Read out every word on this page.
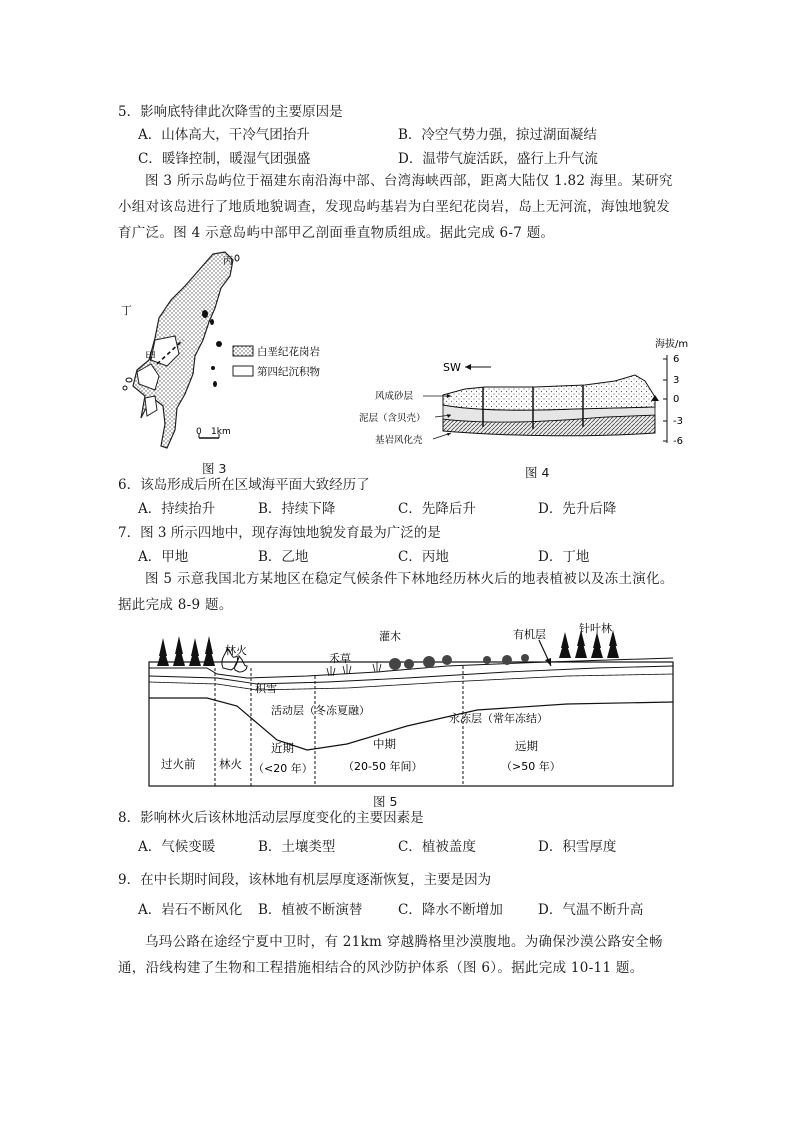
5．影响底特律此次降雪的主要原因是
A．山体高大，干冷气团抬升	B．冷空气势力强，掠过湖面凝结
C．暖锋控制，暖湿气团强盛	D．温带气旋活跃，盛行上升气流
图 3 所示岛屿位于福建东南沿海中部、台湾海峡西部，距离大陆仅 1.82 海里。某研究小组对该岛进行了地质地貌调查，发现岛屿基岩为白垩纪花岗岩，岛上无河流，海蚀地貌发育广泛。图 4 示意岛屿中部甲乙剖面垂直物质组成。据此完成 6-7 题。
丙
丁
甲	白垩纪花岗岩
第四纪沉积物
0 1km
图 3
海拔/m
6
3
0
-3
-6
SW
风成砂层
泥层（含贝壳）
基岩风化壳
图 4
6．该岛形成后所在区域海平面大致经历了
A．持续抬升	B．持续下降	C．先降后升	D．先升后降
7．图 3 所示四地中，现存海蚀地貌发育最为广泛的是
A．甲地	B．乙地	C．丙地	D．丁地
图 5 示意我国北方某地区在稳定气候条件下林地经历林火后的地表植被以及冻土演化。据此完成 8-9 题。
林火
禾草
灌木	有机层	针叶林
积雪
活动层（冬冻夏融）
永冻层（常年冻结）
过火前 林火
近期
（<20 年）
中期
（20-50 年间）
远期
（>50 年）
图 5
8．影响林火后该林地活动层厚度变化的主要因素是
A．气候变暖	B．土壤类型	C．植被盖度	D．积雪厚度
9．在中长期时间段，该林地有机层厚度逐渐恢复，主要是因为
A．岩石不断风化 B．植被不断演替	C．降水不断增加	D．气温不断升高
乌玛公路在途经宁夏中卫时，有 21km 穿越腾格里沙漠腹地。为确保沙漠公路安全畅通，沿线构建了生物和工程措施相结合的风沙防护体系（图 6）。据此完成 10-11 题。
